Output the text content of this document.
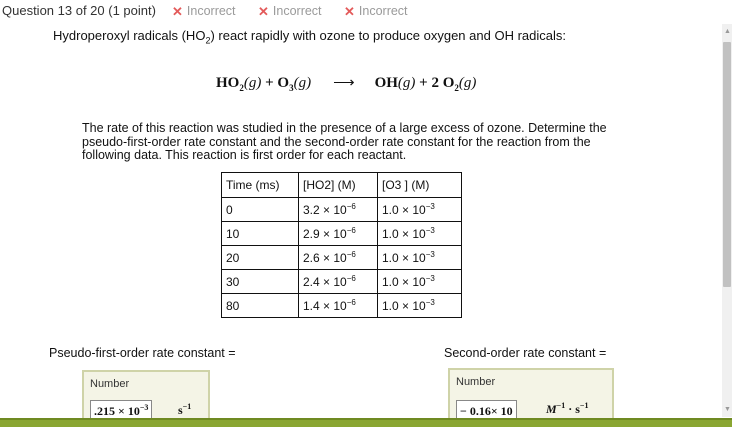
Question 13 of 20 (1 point) ✕ Incorrect ✕ Incorrect ✕ Incorrect
Hydroperoxyl radicals $(HO_2)$ react rapidly with ozone to produce oxygen and OH radicals:
$HO_2(g) + O_3(g)$ ⟶ OH(g) + 2 $O_2(g)$
The rate of this reaction was studied in the presence of a large excess of ozone. Determine the pseudo-first-order rate constant and the second-order rate constant for the reaction from the following data. This reaction is first order for each reactant.
Time (ms)	[HO2] (M)	[O3 ] (M)
0	$3.2 \times 10^{-6}$	$1.0 \times 10^{-3}$
10	$2.9 \times 10^{-6}$	$1.0 \times 10^{-3}$
20	$2.6 \times 10^{-6}$	$1.0 \times 10^{-3}$
30	$2.4 \times 10^{-6}$	$1.0 \times 10^{-3}$
80	$1.4 \times 10^{-6}$	$1.0 \times 10^{-3}$
Pseudo-first-order rate constant =	Second-order rate constant =
Number
$.215 \times 10^{-3}$	$s^{-1}$
Number
− 0.16× 10	$M^{-1} \cdot s^{-1}$
▲
▼
